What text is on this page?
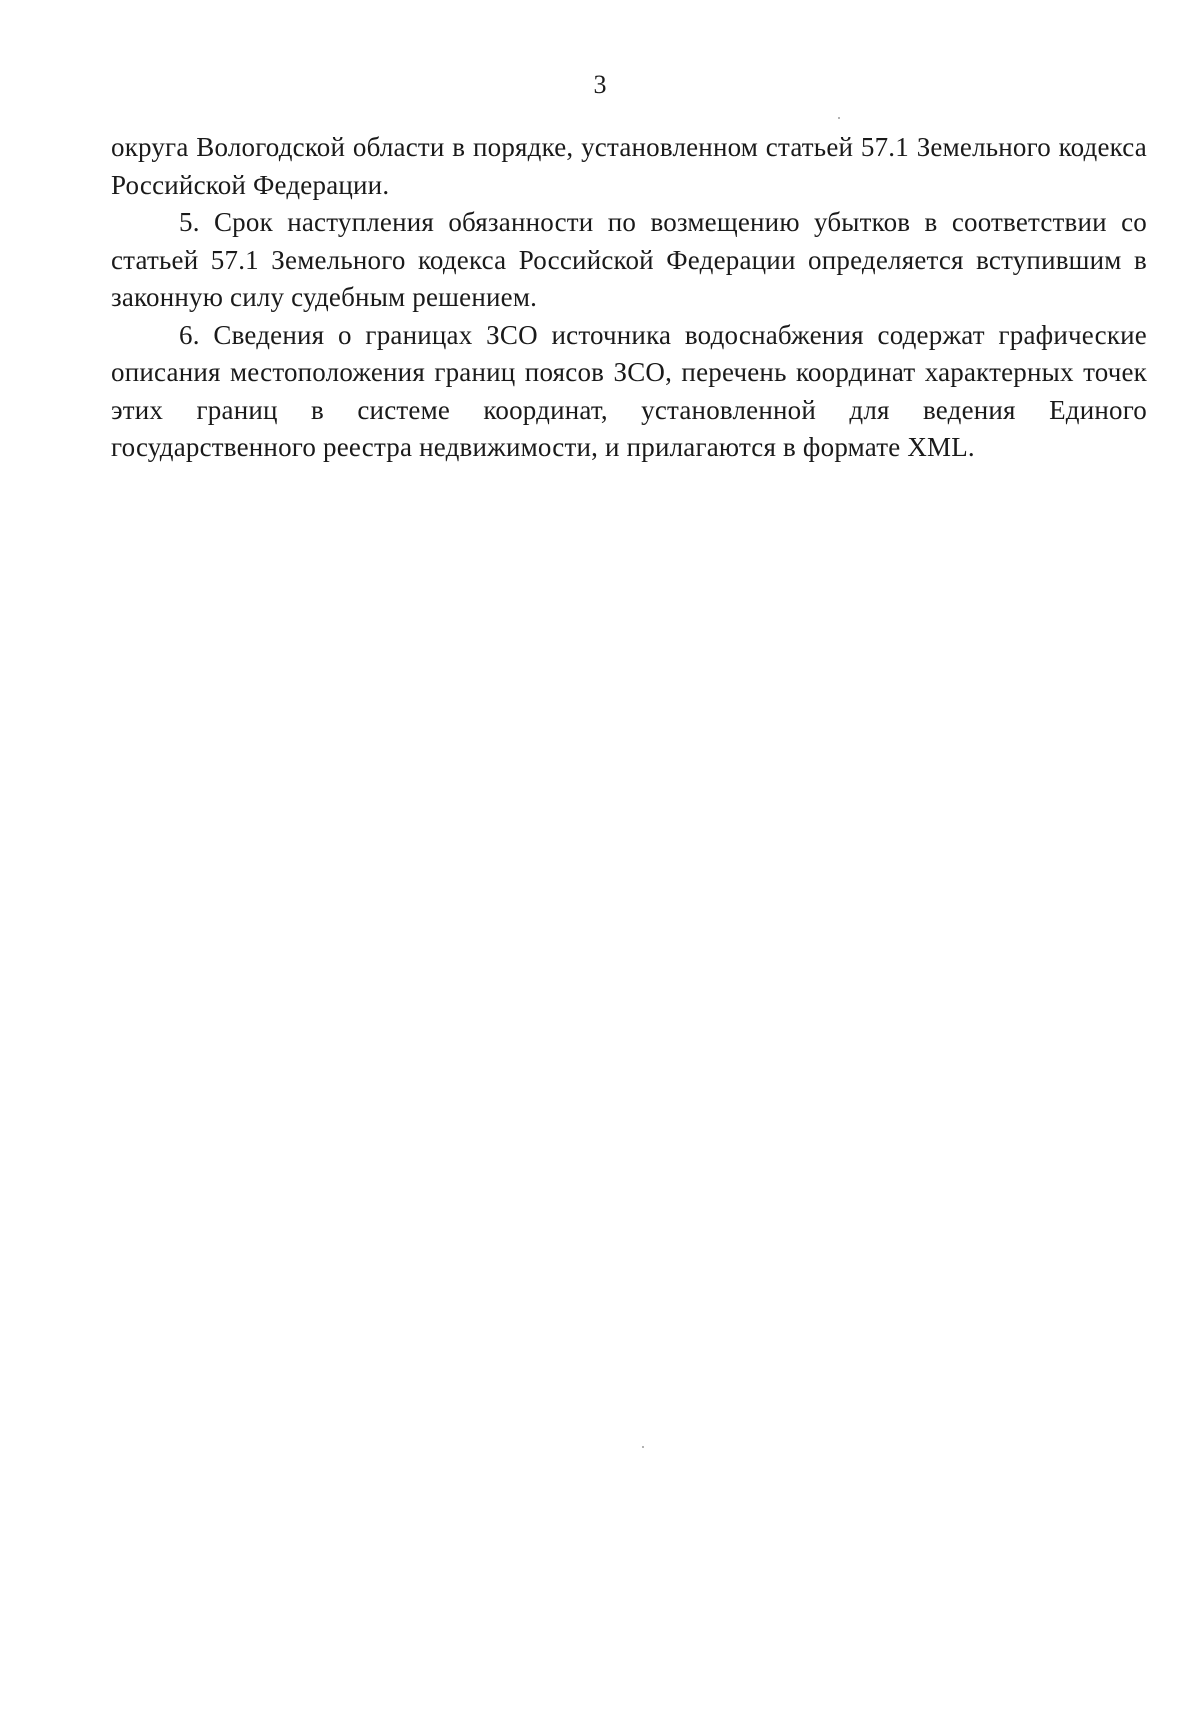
3

округа Вологодской области в порядке, установленном статьей 57.1 Земельного кодекса Российской Федерации.

5. Срок наступления обязанности по возмещению убытков в соответствии со статьей 57.1 Земельного кодекса Российской Федерации определяется вступившим в законную силу судебным решением.

6. Сведения о границах ЗСО источника водоснабжения содержат графические описания местоположения границ поясов ЗСО, перечень координат характерных точек этих границ в системе координат, установленной для ведения Единого государственного реестра недвижимости, и прилагаются в формате XML.
